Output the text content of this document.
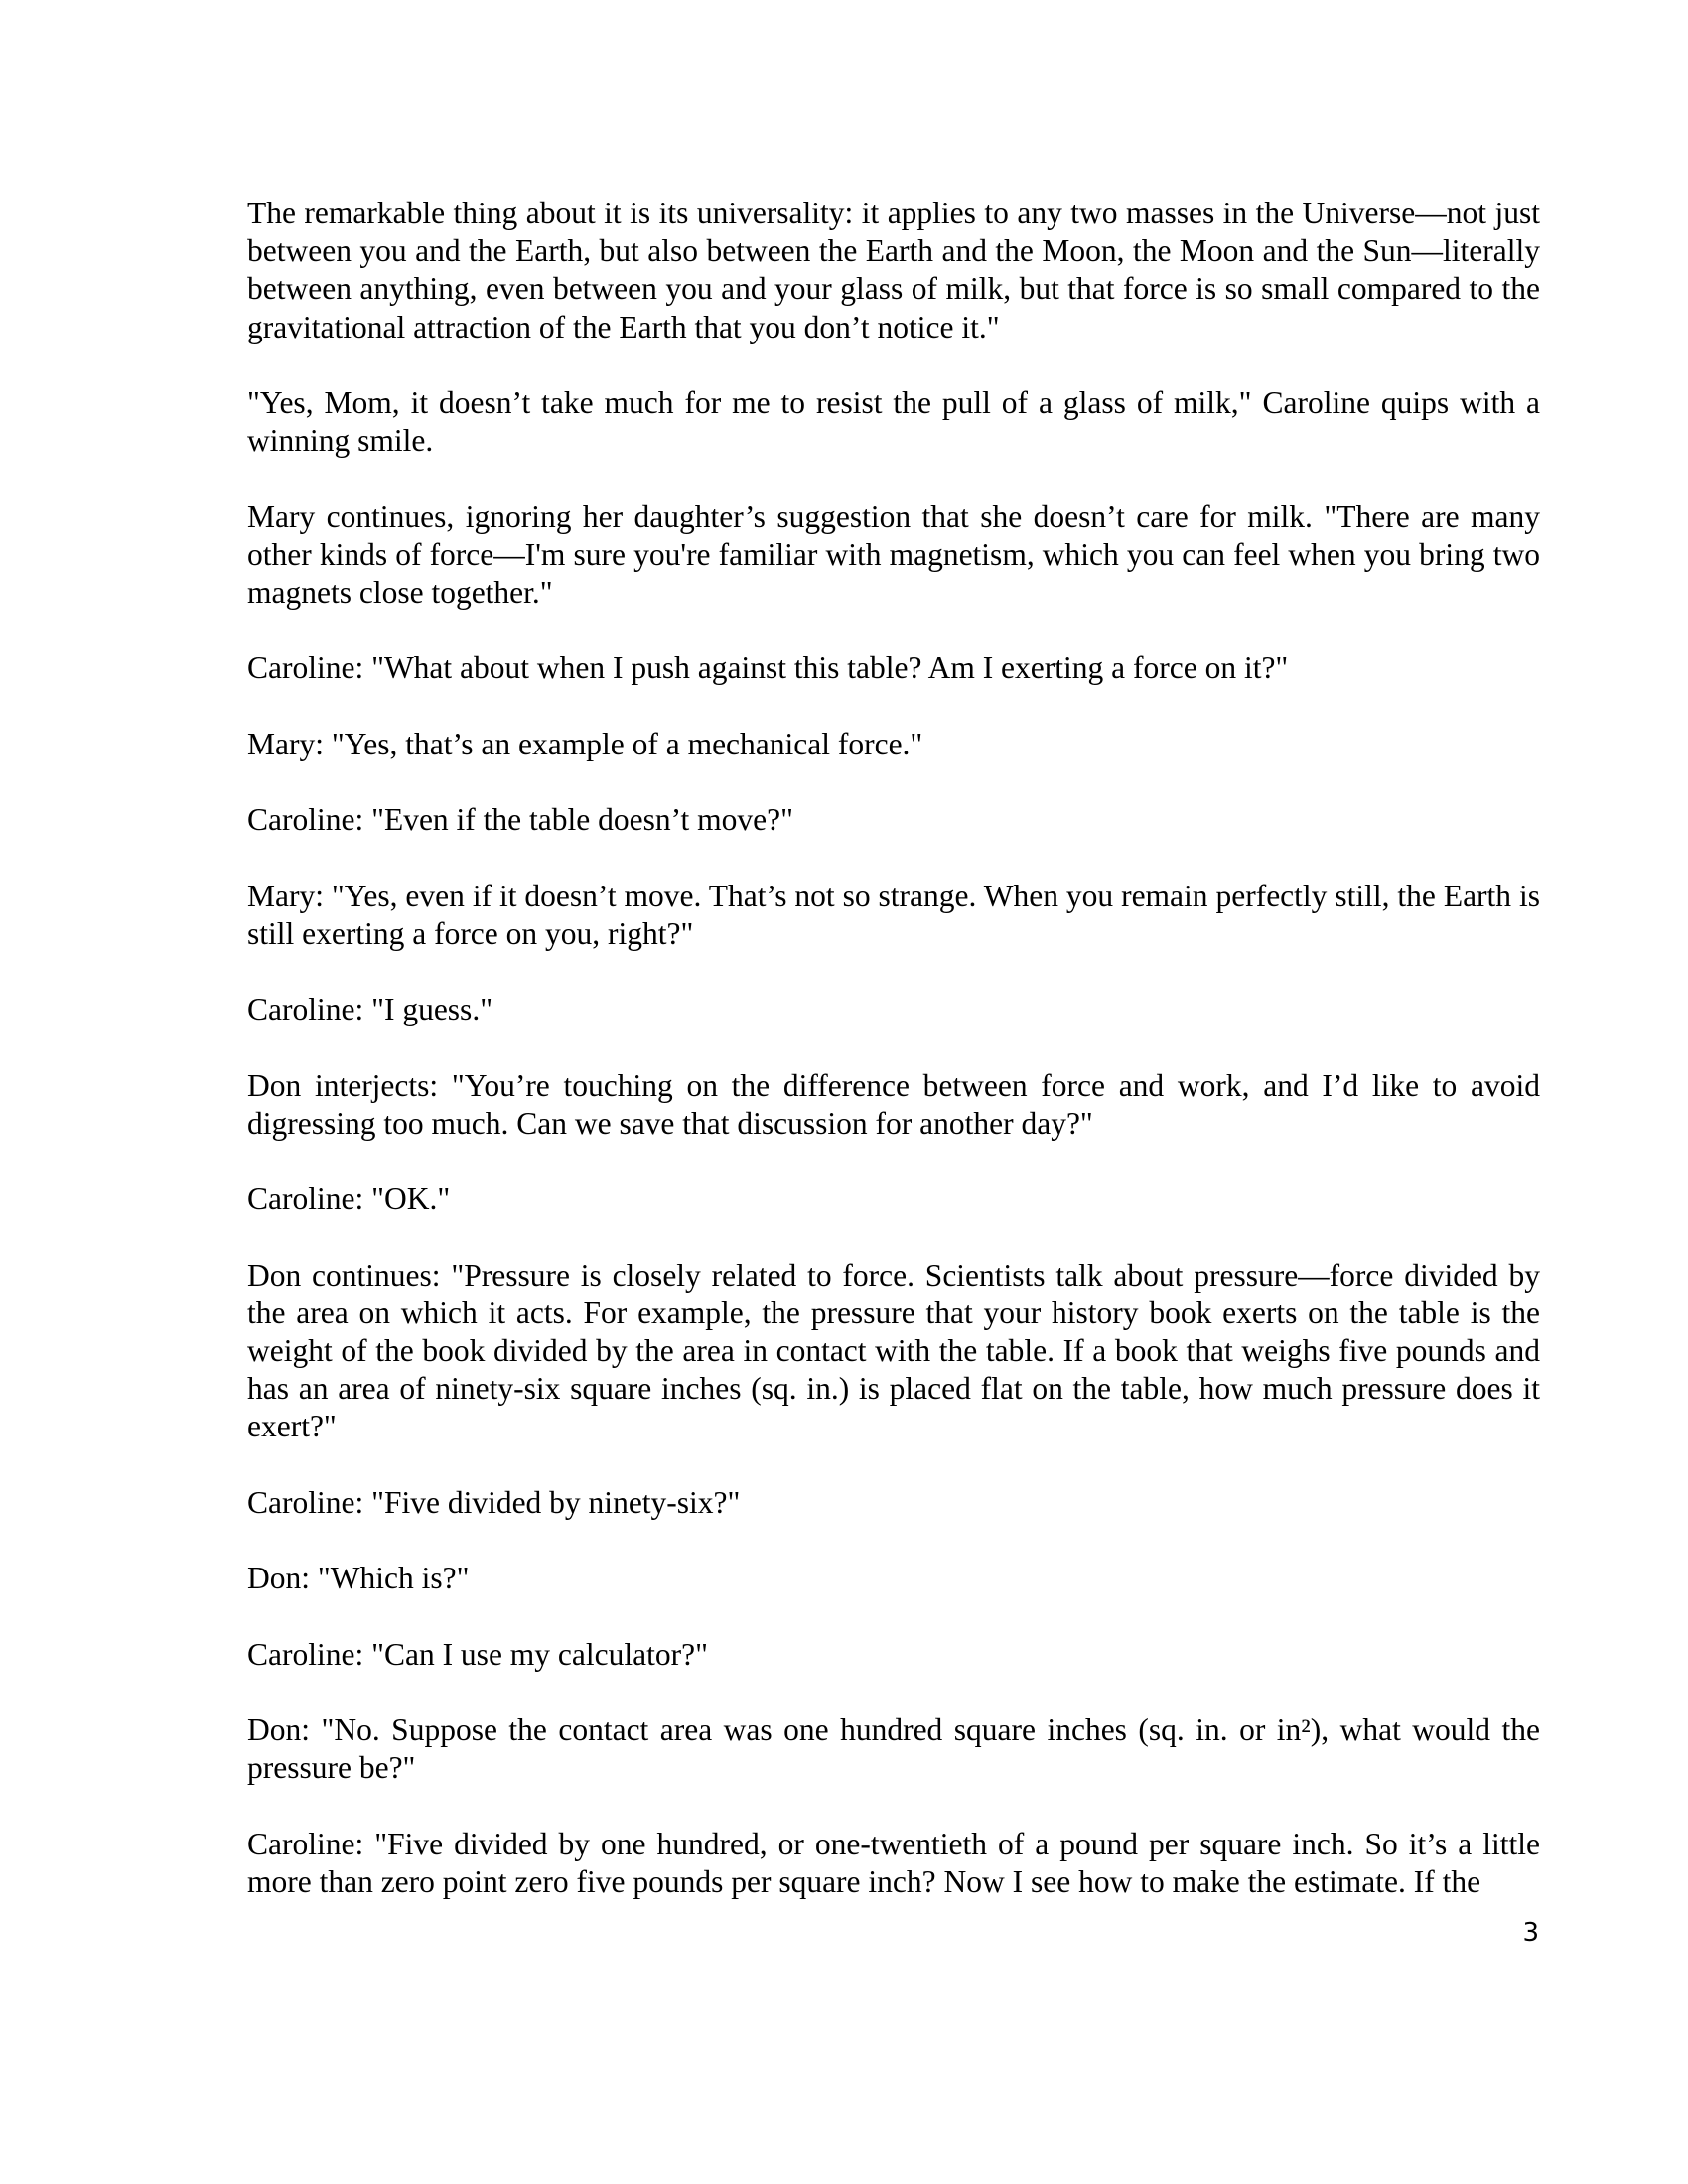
The remarkable thing about it is its universality: it applies to any two masses in the Universe—not just between you and the Earth, but also between the Earth and the Moon, the Moon and the Sun—literally between anything, even between you and your glass of milk, but that force is so small compared to the gravitational attraction of the Earth that you don’t notice it."

"Yes, Mom, it doesn’t take much for me to resist the pull of a glass of milk," Caroline quips with a winning smile.

Mary continues, ignoring her daughter’s suggestion that she doesn’t care for milk. "There are many other kinds of force—I'm sure you're familiar with magnetism, which you can feel when you bring two magnets close together."

Caroline: "What about when I push against this table? Am I exerting a force on it?"

Mary: "Yes, that’s an example of a mechanical force."

Caroline: "Even if the table doesn’t move?"

Mary: "Yes, even if it doesn’t move. That’s not so strange. When you remain perfectly still, the Earth is still exerting a force on you, right?"

Caroline: "I guess."

Don interjects: "You’re touching on the difference between force and work, and I’d like to avoid digressing too much. Can we save that discussion for another day?"

Caroline: "OK."

Don continues: "Pressure is closely related to force. Scientists talk about pressure—force divided by the area on which it acts. For example, the pressure that your history book exerts on the table is the weight of the book divided by the area in contact with the table. If a book that weighs five pounds and has an area of ninety-six square inches (sq. in.) is placed flat on the table, how much pressure does it exert?"

Caroline: "Five divided by ninety-six?"

Don: "Which is?"

Caroline: "Can I use my calculator?"

Don: "No. Suppose the contact area was one hundred square inches (sq. in. or in²), what would the pressure be?"

Caroline: "Five divided by one hundred, or one-twentieth of a pound per square inch. So it’s a little more than zero point zero five pounds per square inch? Now I see how to make the estimate. If the

3
